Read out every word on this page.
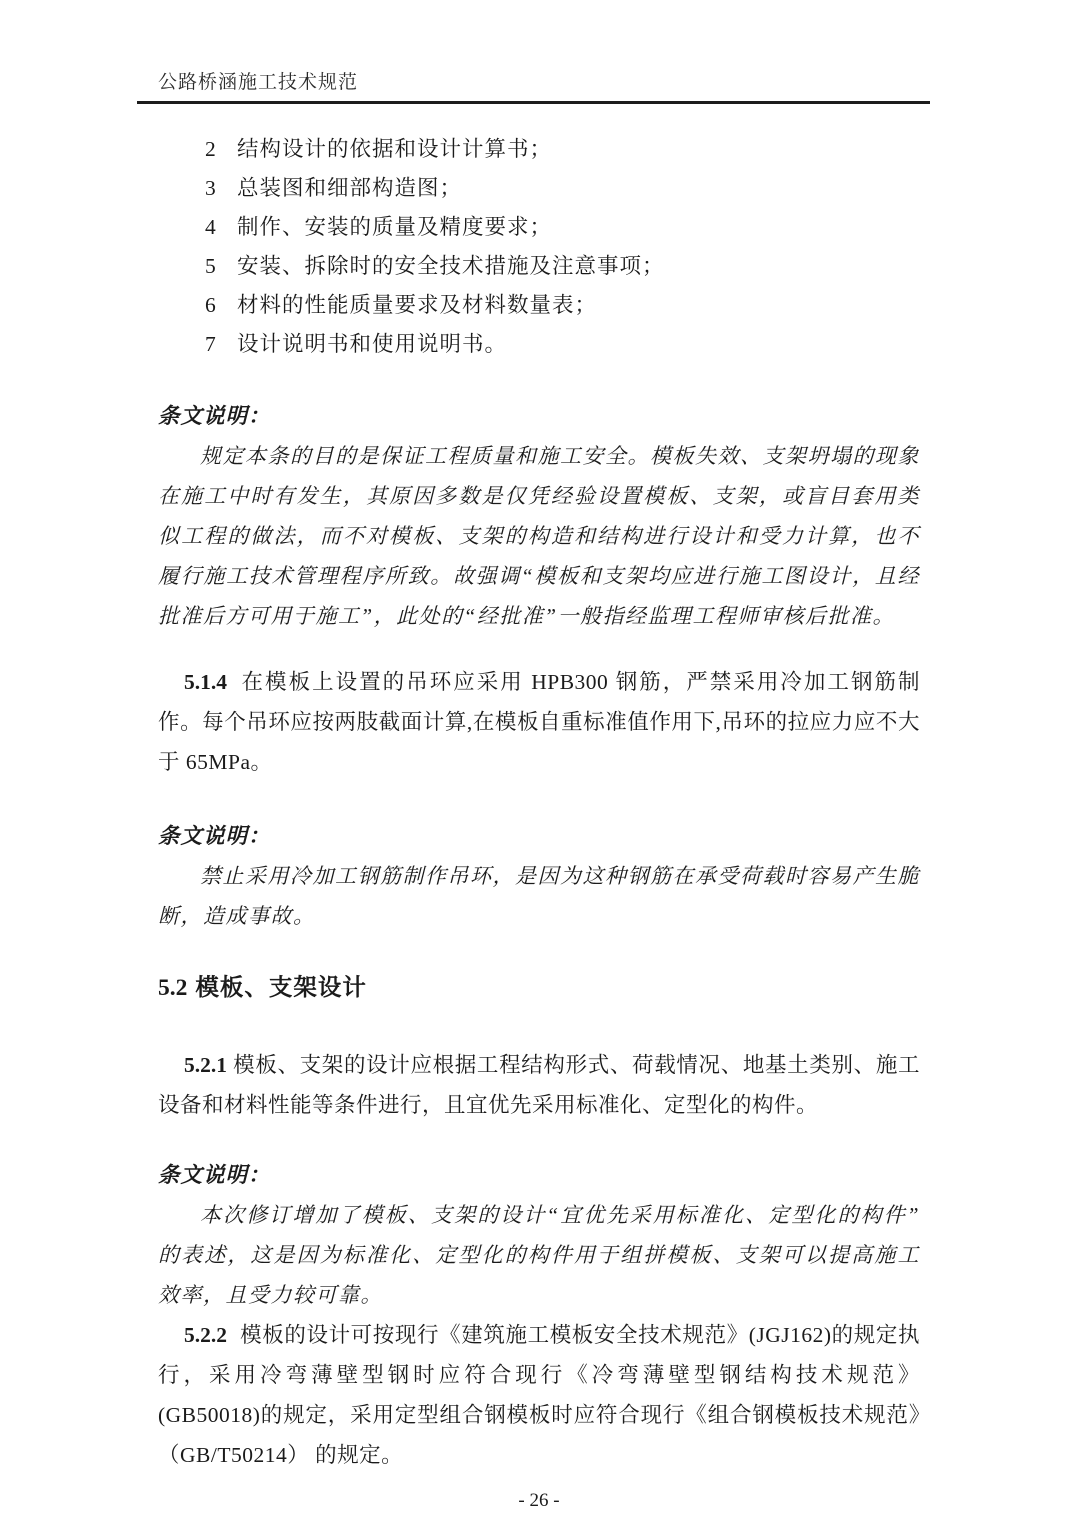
公路桥涵施工技术规范
2 结构设计的依据和设计计算书；
3 总装图和细部构造图；
4 制作、安装的质量及精度要求；
5 安装、拆除时的安全技术措施及注意事项；
6 材料的性能质量要求及材料数量表；
7 设计说明书和使用说明书。
条文说明：

规定本条的目的是保证工程质量和施工安全。模板失效、支架坍塌的现象在施工中时有发生，其原因多数是仅凭经验设置模板、支架，或盲目套用类似工程的做法，而不对模板、支架的构造和结构进行设计和受力计算，也不履行施工技术管理程序所致。故强调“模板和支架均应进行施工图设计，且经批准后方可用于施工”，此处的“经批准”一般指经监理工程师审核后批准。

5.1.4 在模板上设置的吊环应采用 HPB300 钢筋，严禁采用冷加工钢筋制作。每个吊环应按两肢截面计算,在模板自重标准值作用下,吊环的拉应力应不大于 65MPa。

条文说明：

禁止采用冷加工钢筋制作吊环，是因为这种钢筋在承受荷载时容易产生脆断，造成事故。

5.2 模板、支架设计

5.2.1 模板、支架的设计应根据工程结构形式、荷载情况、地基土类别、施工设备和材料性能等条件进行，且宜优先采用标准化、定型化的构件。

条文说明：

本次修订增加了模板、支架的设计“宜优先采用标准化、定型化的构件”的表述，这是因为标准化、定型化的构件用于组拼模板、支架可以提高施工效率，且受力较可靠。

5.2.2 模板的设计可按现行《建筑施工模板安全技术规范》(JGJ162)的规定执行，采用冷弯薄壁型钢时应符合现行《冷弯薄壁型钢结构技术规范》(GB50018)的规定，采用定型组合钢模板时应符合现行《组合钢模板技术规范》（GB/T50214） 的规定。

- 26 -
